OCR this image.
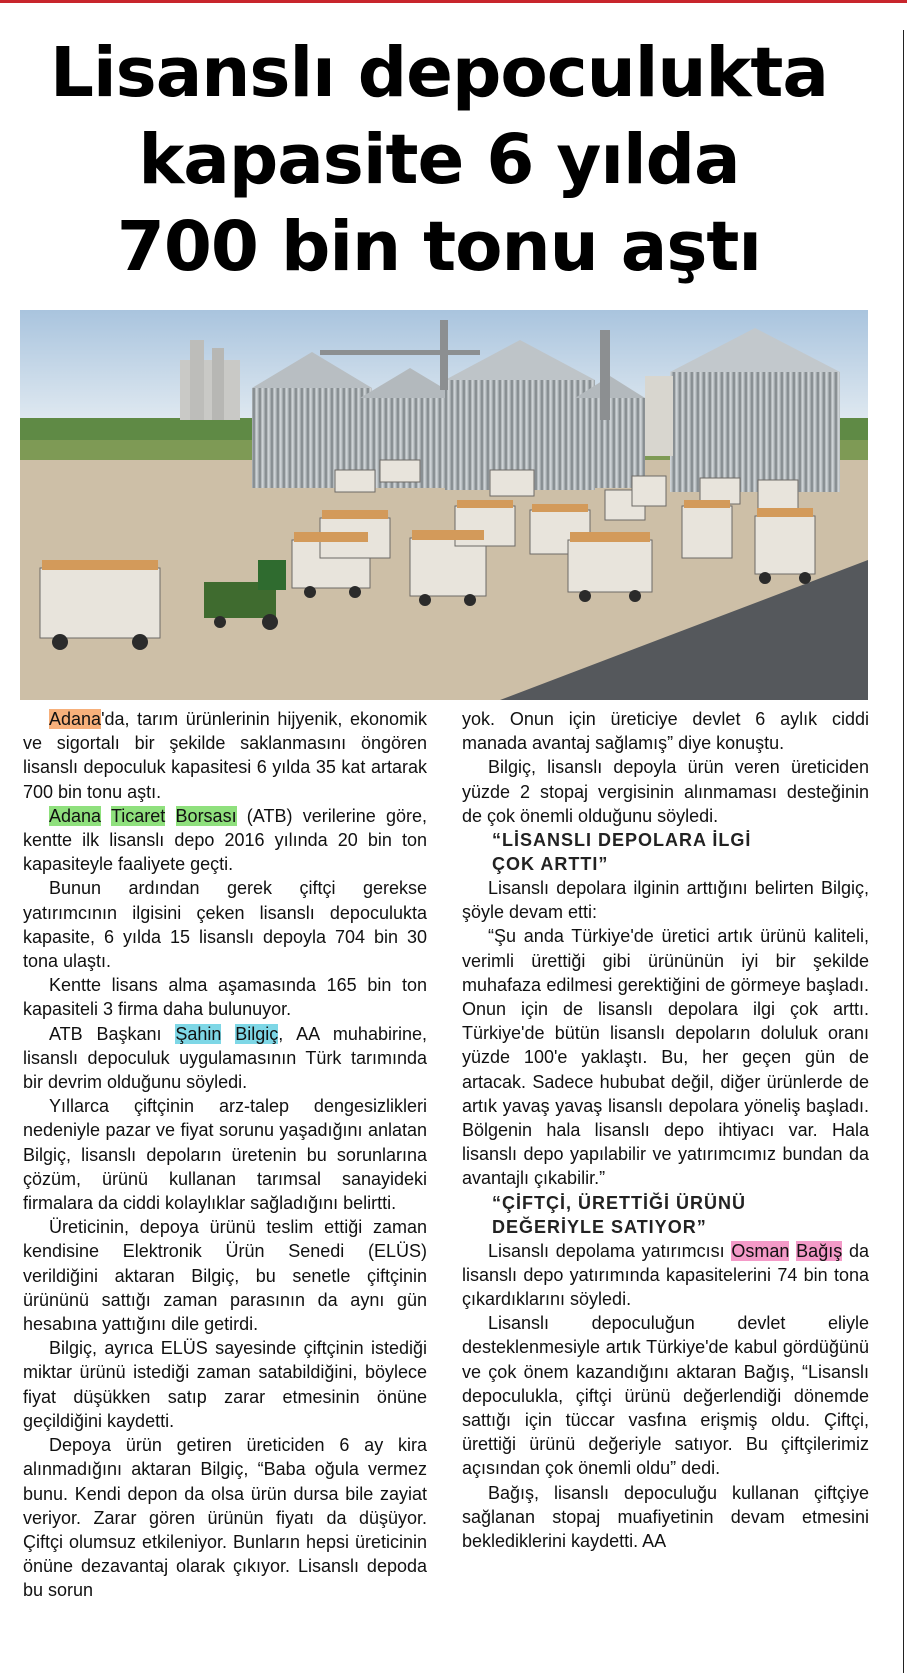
Lisanslı depoculukta
kapasite 6 yılda
700 bin tonu aştı

Adana'da, tarım ürünlerinin hijyenik, ekonomik ve sigortalı bir şekilde saklanmasını öngören lisanslı depoculuk kapasitesi 6 yılda 35 kat artarak 700 bin tonu aştı.

Adana Ticaret Borsası (ATB) verilerine göre, kentte ilk lisanslı depo 2016 yılında 20 bin ton kapasiteyle faaliyete geçti.

Bunun ardından gerek çiftçi gerekse yatırımcının ilgisini çeken lisanslı depoculukta kapasite, 6 yılda 15 lisanslı depoyla 704 bin 30 tona ulaştı.

Kentte lisans alma aşamasında 165 bin ton kapasiteli 3 firma daha bulunuyor.

ATB Başkanı Şahin Bilgiç, AA muhabirine, lisanslı depoculuk uygulamasının Türk tarımında bir devrim olduğunu söyledi.

Yıllarca çiftçinin arz-talep dengesizlikleri nedeniyle pazar ve fiyat sorunu yaşadığını anlatan Bilgiç, lisanslı depoların üretenin bu sorunlarına çözüm, ürünü kullanan tarımsal sanayideki firmalara da ciddi kolaylıklar sağladığını belirtti.

Üreticinin, depoya ürünü teslim ettiği zaman kendisine Elektronik Ürün Senedi (ELÜS) verildiğini aktaran Bilgiç, bu senetle çiftçinin ürününü sattığı zaman parasının da aynı gün hesabına yattığını dile getirdi.

Bilgiç, ayrıca ELÜS sayesinde çiftçinin istediği miktar ürünü istediği zaman satabildiğini, böylece fiyat düşükken satıp zarar etmesinin önüne geçildiğini kaydetti.

Depoya ürün getiren üreticiden 6 ay kira alınmadığını aktaran Bilgiç, “Baba oğula vermez bunu. Kendi depon da olsa ürün dursa bile zayiat veriyor. Zarar gören ürünün fiyatı da düşüyor. Çiftçi olumsuz etkileniyor. Bunların hepsi üreticinin önüne dezavantaj olarak çıkıyor. Lisanslı depoda bu sorun

yok. Onun için üreticiye devlet 6 aylık ciddi manada avantaj sağlamış” diye konuştu.

Bilgiç, lisanslı depoyla ürün veren üreticiden yüzde 2 stopaj vergisinin alınmaması desteğinin de çok önemli olduğunu söyledi.

“LİSANSLI DEPOLARA İLGİ
ÇOK ARTTI”

Lisanslı depolara ilginin arttığını belirten Bilgiç, şöyle devam etti:

“Şu anda Türkiye'de üretici artık ürünü kaliteli, verimli ürettiği gibi ürününün iyi bir şekilde muhafaza edilmesi gerektiğini de görmeye başladı. Onun için de lisanslı depolara ilgi çok arttı. Türkiye'de bütün lisanslı depoların doluluk oranı yüzde 100'e yaklaştı. Bu, her geçen gün de artacak. Sadece hububat değil, diğer ürünlerde de artık yavaş yavaş lisanslı depolara yöneliş başladı. Bölgenin hala lisanslı depo ihtiyacı var. Hala lisanslı depo yapılabilir ve yatırımcımız bundan da avantajlı çıkabilir.”

“ÇİFTÇİ, ÜRETTİĞİ ÜRÜNÜ
DEĞERİYLE SATIYOR”

Lisanslı depolama yatırımcısı Osman Bağış da lisanslı depo yatırımında kapasitelerini 74 bin tona çıkardıklarını söyledi.

Lisanslı depoculuğun devlet eliyle desteklenmesiyle artık Türkiye'de kabul gördüğünü ve çok önem kazandığını aktaran Bağış, “Lisanslı depoculukla, çiftçi ürünü değerlendiği dönemde sattığı için tüccar vasfına erişmiş oldu. Çiftçi, ürettiği ürünü değeriyle satıyor. Bu çiftçilerimiz açısından çok önemli oldu” dedi.

Bağış, lisanslı depoculuğu kullanan çiftçiye sağlanan stopaj muafiyetinin devam etmesini beklediklerini kaydetti. AA
